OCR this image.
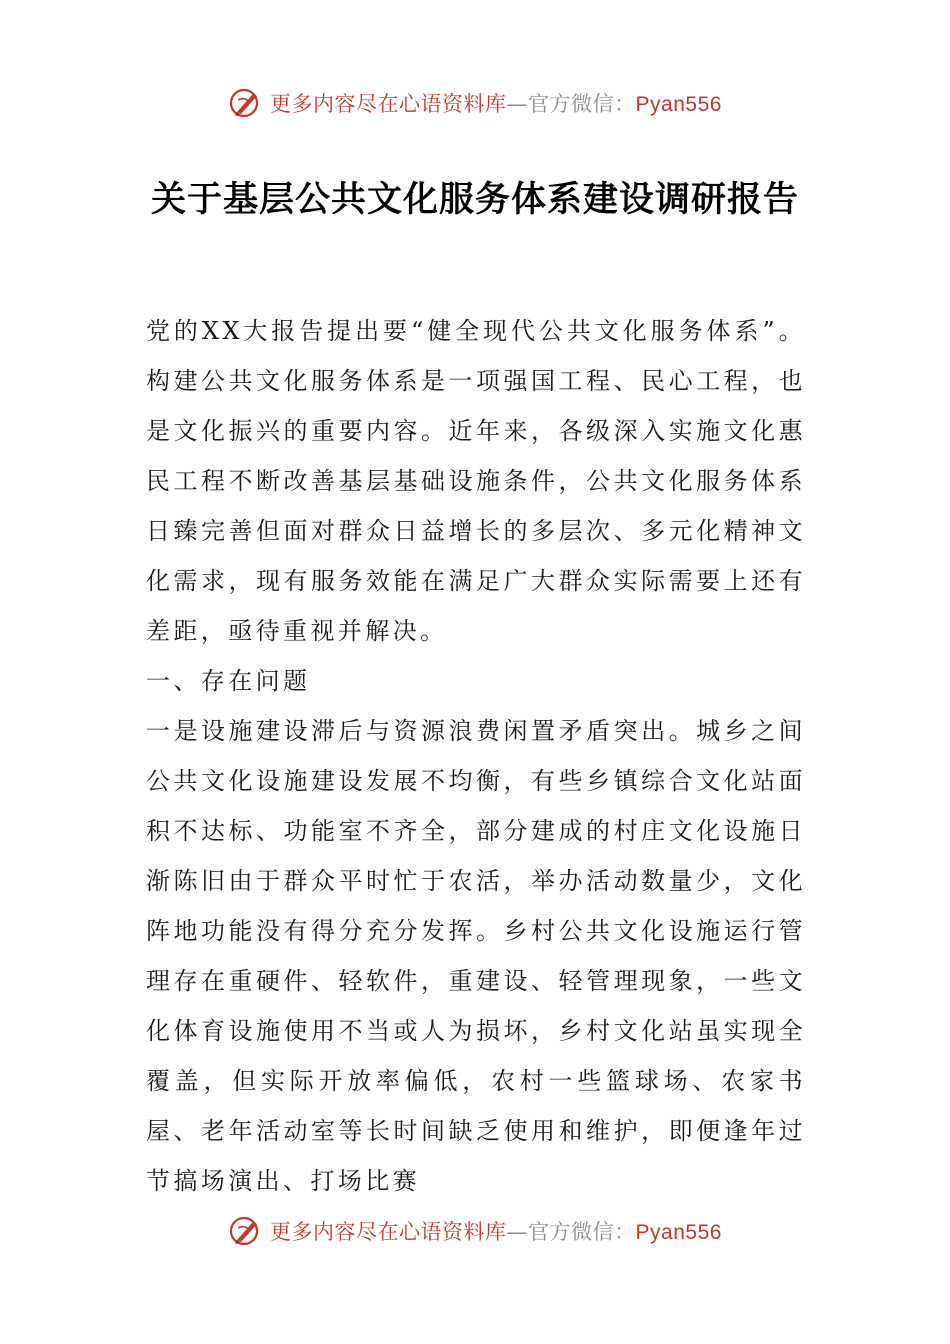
更多内容尽在心语资料库—官方微信：Pyan556
关于基层公共文化服务体系建设调研报告

党的XX大报告提出要“健全现代公共文化服务体系”。构建公共文化服务体系是一项强国工程、民心工程，也是文化振兴的重要内容。近年来，各级深入实施文化惠民工程不断改善基层基础设施条件，公共文化服务体系日臻完善但面对群众日益增长的多层次、多元化精神文化需求，现有服务效能在满足广大群众实际需要上还有差距，亟待重视并解决。

一、存在问题

一是设施建设滞后与资源浪费闲置矛盾突出。城乡之间公共文化设施建设发展不均衡，有些乡镇综合文化站面积不达标、功能室不齐全，部分建成的村庄文化设施日渐陈旧由于群众平时忙于农活，举办活动数量少，文化阵地功能没有得分充分发挥。乡村公共文化设施运行管理存在重硬件、轻软件，重建设、轻管理现象，一些文化体育设施使用不当或人为损坏，乡村文化站虽实现全覆盖，但实际开放率偏低，农村一些篮球场、农家书屋、老年活动室等长时间缺乏使用和维护，即便逢年过节搞场演出、打场比赛

更多内容尽在心语资料库—官方微信：Pyan556
